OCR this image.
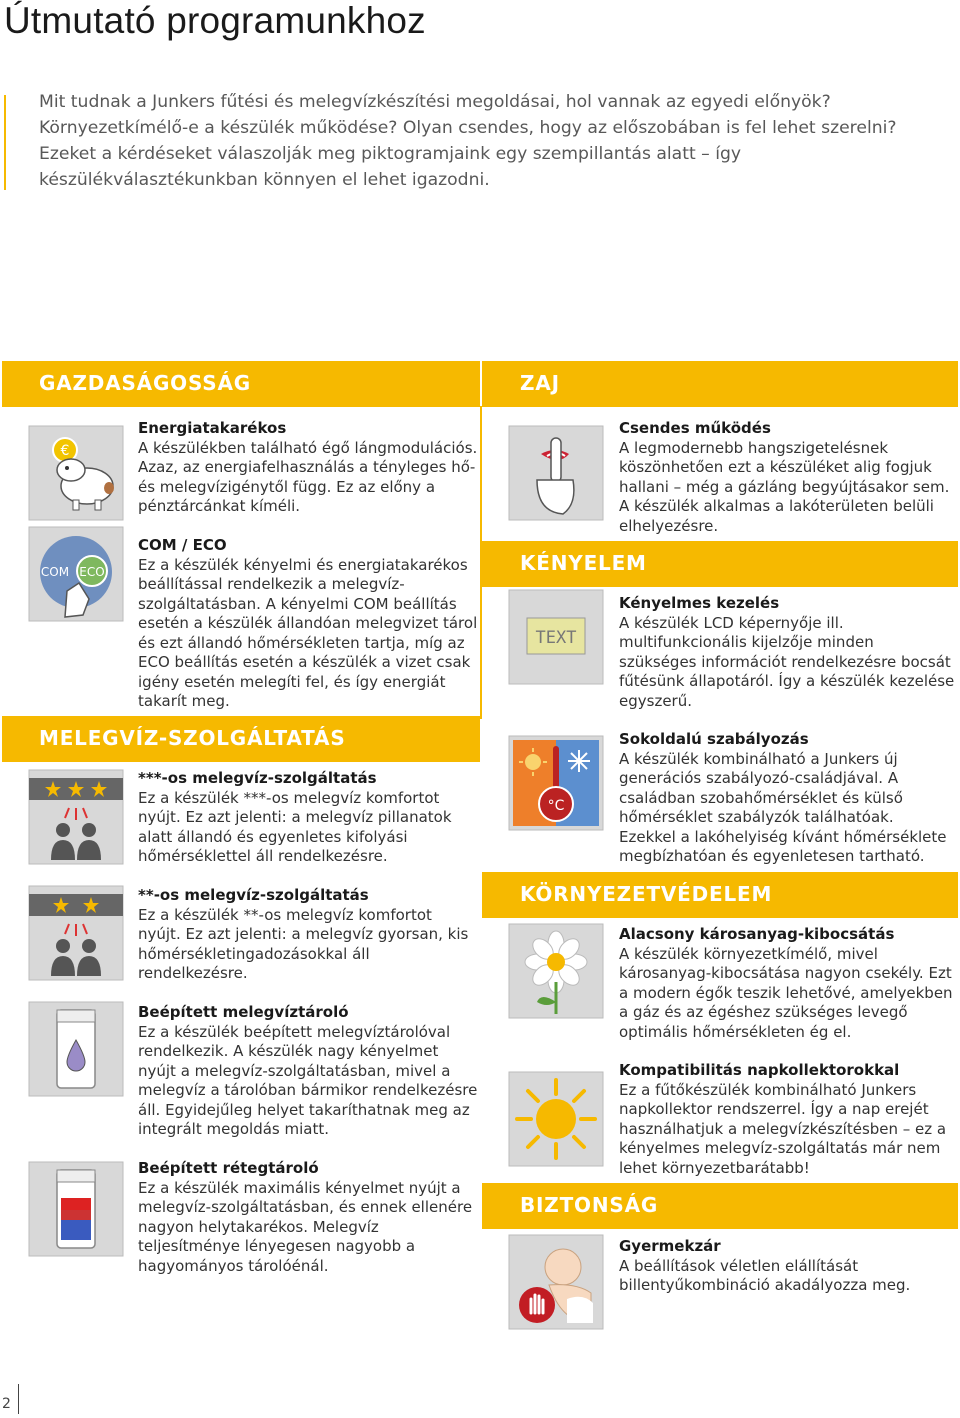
Útmutató programunkhoz
Mit tudnak a Junkers fűtési és melegvízkészítési megoldásai, hol vannak az egyedi előnyök? Környezetkímélő-e a készülék működése? Olyan csendes, hogy az előszobában is fel lehet szerelni? Ezeket a kérdéseket válaszolják meg piktogramjaink egy szempillantás alatt – így készülékválasztékunkban könnyen el lehet igazodni.
GAZDASÁGOSSÁG	ZAJ
MELEGVÍZ-SZOLGÁLTATÁS
KÉNYELEM
KÖRNYEZETVÉDELEM
BIZTONSÁG
€
COM ECO
TEXT
°C
Energiatakarékos
A készülékben található égő lángmodulációs. Azaz, az energiafelhasználás a tényleges hő- és melegvízigénytől függ. Ez az előny a pénztárcánkat kíméli.
COM / ECO
Ez a készülék kényelmi és energiatakarékos beállítással rendelkezik a melegvíz-szolgáltatásban. A kényelmi COM beállítás esetén a készülék állandóan melegvizet tárol és ezt állandó hőmérsékleten tartja, míg az ECO beállítás esetén a készülék a vizet csak igény esetén melegíti fel, és így energiát takarít meg.
***-os melegvíz-szolgáltatás
Ez a készülék ***-os melegvíz komfortot nyújt. Ez azt jelenti: a melegvíz pillanatok alatt állandó és egyenletes kifolyási hőmérséklettel áll rendelkezésre.
**-os melegvíz-szolgáltatás
Ez a készülék **-os melegvíz komfortot nyújt. Ez azt jelenti: a melegvíz gyorsan, kis hőmérsékletingadozásokkal áll rendelkezésre.
Beépített melegvíztároló
Ez a készülék beépített melegvíztárolóval rendelkezik. A készülék nagy kényelmet nyújt a melegvíz-szolgáltatásban, mivel a melegvíz a tárolóban bármikor rendelkezésre áll. Egyidejűleg helyet takaríthatnak meg az integrált megoldás miatt.
Beépített rétegtároló
Ez a készülék maximális kényelmet nyújt a melegvíz-szolgáltatásban, és ennek ellenére nagyon helytakarékos. Melegvíz teljesítménye lényegesen nagyobb a hagyományos tárolóénál.
Csendes működés
A legmodernebb hangszigetelésnek köszönhetően ezt a készüléket alig fogjuk hallani – még a gázláng begyújtásakor sem. A készülék alkalmas a lakóterületen belüli elhelyezésre.
Kényelmes kezelés
A készülék LCD képernyője ill. multifunkcionális kijelzője minden szükséges információt rendelkezésre bocsát fűtésünk állapotáról. Így a készülék kezelése egyszerű.
Sokoldalú szabályozás
A készülék kombinálható a Junkers új generációs szabályozó-családjával. A családban szobahőmérséklet és külső hőmérséklet szabályzók találhatóak. Ezekkel a lakóhelyiség kívánt hőmérséklete megbízhatóan és egyenletesen tartható.
Alacsony károsanyag-kibocsátás
A készülék környezetkímélő, mivel károsanyag-kibocsátása nagyon csekély. Ezt a modern égők teszik lehetővé, amelyekben a gáz és az égéshez szükséges levegő optimális hőmérsékleten ég el.
Kompatibilitás napkollektorokkal
Ez a fűtőkészülék kombinálható Junkers napkollektor rendszerrel. Így a nap erejét használhatjuk a melegvízkészítésben – ez a kényelmes melegvíz-szolgáltatás már nem lehet környezetbarátabb!
Gyermekzár
A beállítások véletlen elállítását billentyűkombináció akadályozza meg.
2
